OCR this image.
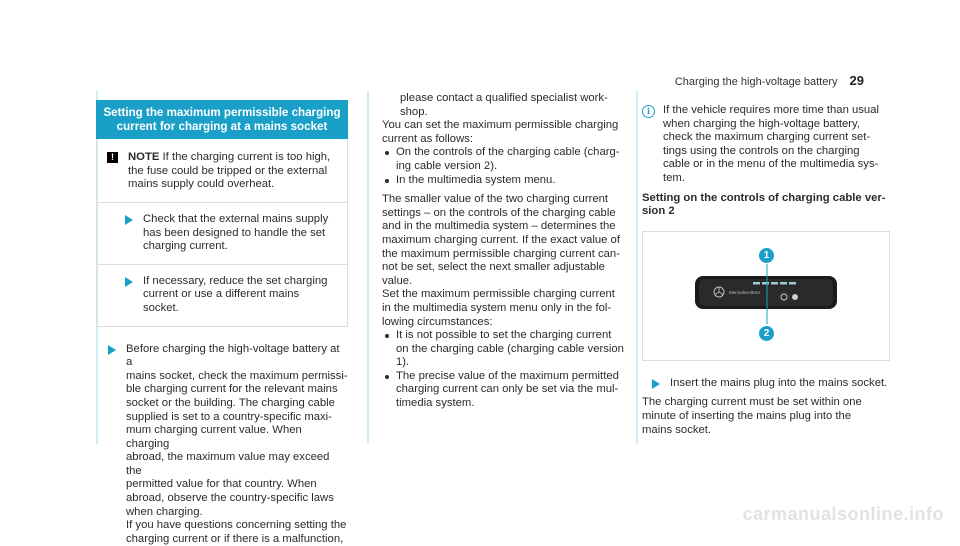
Charging the high-voltage battery 29
Setting the maximum permissible charging
current for charging at a mains socket
!	NOTE If the charging current is too high,

the fuse could be tripped or the external

mains supply could overheat.

Check that the external mains supply

has been designed to handle the set

charging current.

If necessary, reduce the set charging

current or use a different mains socket.

Before charging the high-voltage battery at a

mains socket, check the maximum permissi-

ble charging current for the relevant mains

socket or the building. The charging cable

supplied is set to a country-specific maxi-

mum charging current value. When charging

abroad, the maximum value may exceed the

permitted value for that country. When

abroad, observe the country-specific laws

when charging.

If you have questions concerning setting the

charging current or if there is a malfunction,

please contact a qualified specialist work-

shop.

You can set the maximum permissible charging

current as follows:

On the controls of the charging cable (charg-

ing cable version 2).

In the multimedia system menu.

The smaller value of the two charging current

settings – on the controls of the charging cable

and in the multimedia system – determines the

maximum charging current. If the exact value of

the maximum permissible charging current can-

not be set, select the next smaller adjustable

value.

Set the maximum permissible charging current

in the multimedia system menu only in the fol-

lowing circumstances:

It is not possible to set the charging current

on the charging cable (charging cable version

1).

The precise value of the maximum permitted

charging current can only be set via the mul-

timedia system.

i	If the vehicle requires more time than usual

when charging the high-voltage battery,

check the maximum charging current set-

tings using the controls on the charging

cable or in the menu of the multimedia sys-

tem.

Setting on the controls of charging cable ver-

sion 2

Mercedes-Benz
1
2

Insert the mains plug into the mains socket.

The charging current must be set within one

minute of inserting the mains plug into the

mains socket.

carmanualsonline.info
